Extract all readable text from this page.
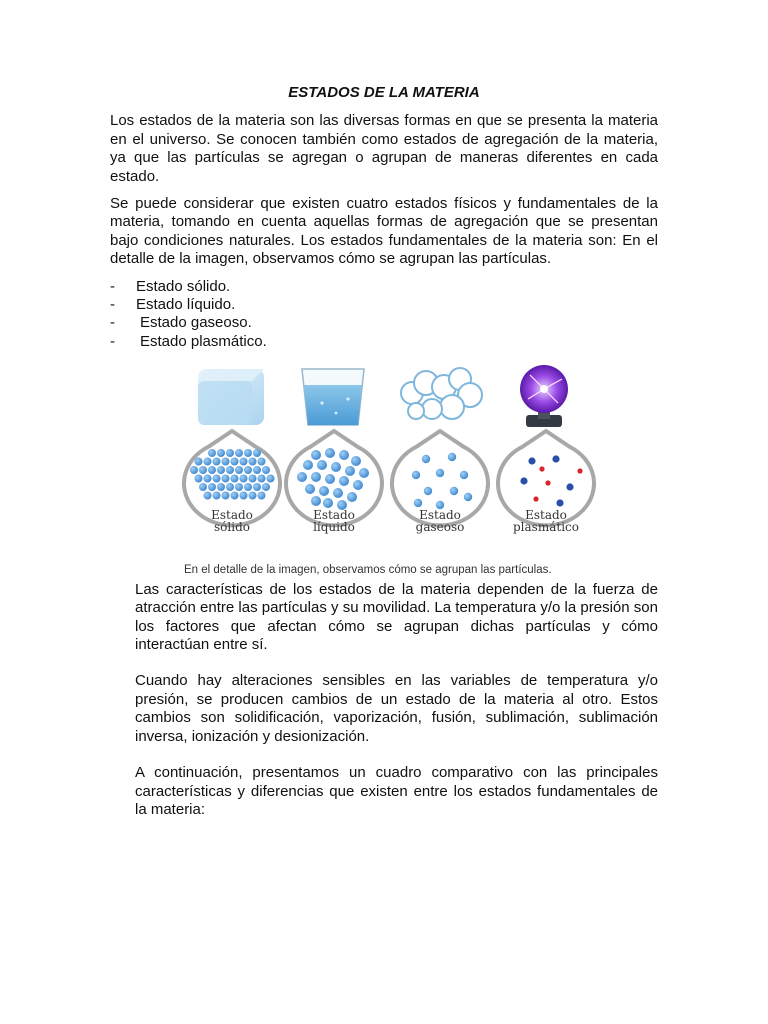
ESTADOS DE LA MATERIA

Los estados de la materia son las diversas formas en que se presenta la materia en el universo. Se conocen también como estados de agregación de la materia, ya que las partículas se agregan o agrupan de maneras diferentes en cada estado.

Se puede considerar que existen cuatro estados físicos y fundamentales de la materia, tomando en cuenta aquellas formas de agregación que se presentan bajo condiciones naturales. Los estados fundamentales de la materia son: En el detalle de la imagen, observamos cómo se agrupan las partículas.

-	Estado sólido.
-	Estado líquido.
-	Estado gaseoso.
-	Estado plasmático.
Estado
sólido
Estado
líquido
Estado
gaseoso
Estado
plasmático
En el detalle de la imagen, observamos cómo se agrupan las partículas.

Las características de los estados de la materia dependen de la fuerza de atracción entre las partículas y su movilidad. La temperatura y/o la presión son los factores que afectan cómo se agrupan dichas partículas y cómo interactúan entre sí.

Cuando hay alteraciones sensibles en las variables de temperatura y/o presión, se producen cambios de un estado de la materia al otro. Estos cambios son solidificación, vaporización, fusión, sublimación, sublimación inversa, ionización y desionización.

A continuación, presentamos un cuadro comparativo con las principales características y diferencias que existen entre los estados fundamentales de la materia:
